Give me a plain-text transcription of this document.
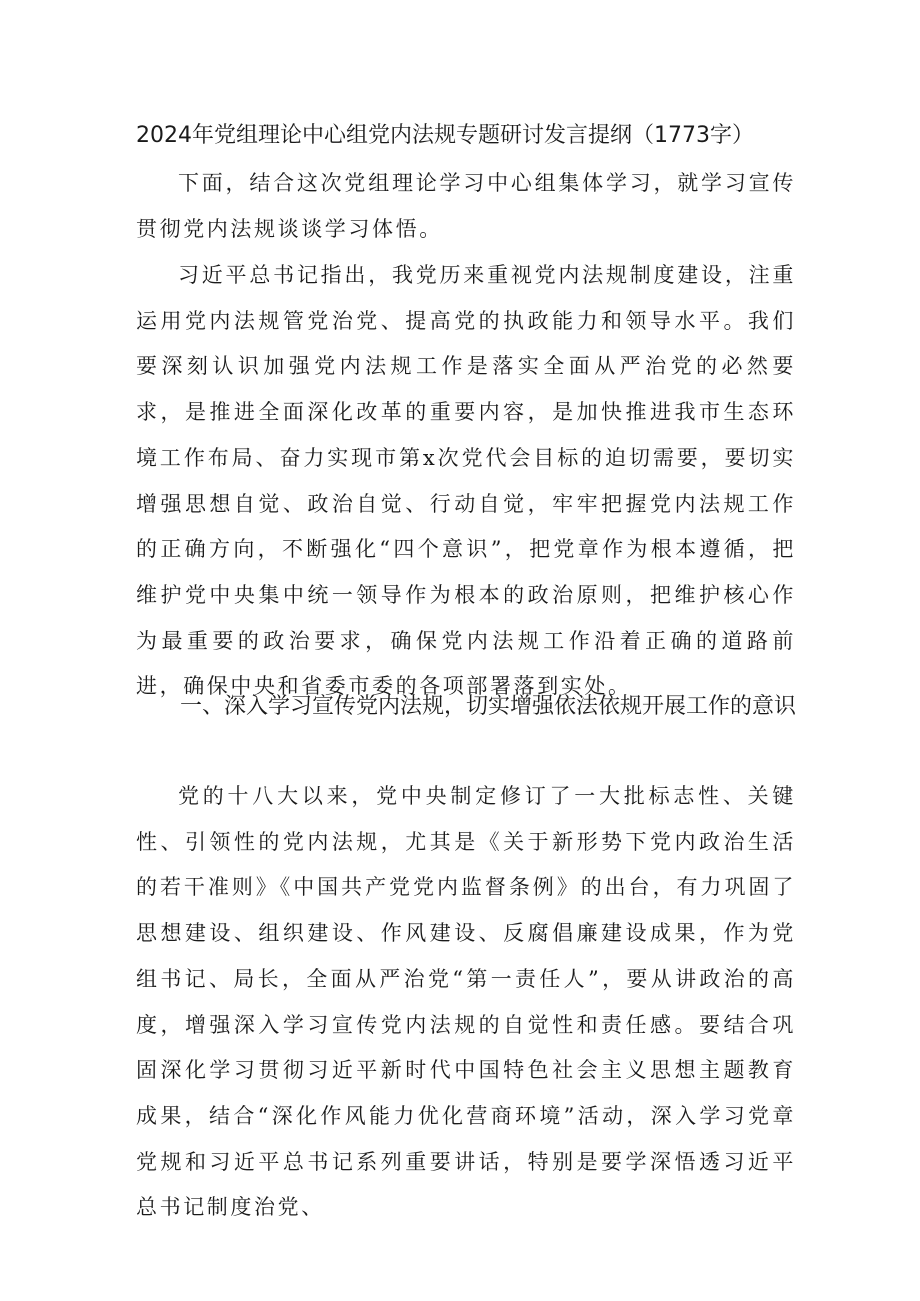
2024年党组理论中心组党内法规专题研讨发言提纲（1773字）

下面，结合这次党组理论学习中心组集体学习，就学习宣传贯彻党内法规谈谈学习体悟。

习近平总书记指出，我党历来重视党内法规制度建设，注重运用党内法规管党治党、提高党的执政能力和领导水平。我们要深刻认识加强党内法规工作是落实全面从严治党的必然要求，是推进全面深化改革的重要内容，是加快推进我市生态环境工作布局、奋力实现市第x次党代会目标的迫切需要，要切实增强思想自觉、政治自觉、行动自觉，牢牢把握党内法规工作的正确方向，不断强化“四个意识”，把党章作为根本遵循，把维护党中央集中统一领导作为根本的政治原则，把维护核心作为最重要的政治要求，确保党内法规工作沿着正确的道路前进，确保中央和省委市委的各项部署落到实处。

一、深入学习宣传党内法规，切实增强依法依规开展工作的意识

党的十八大以来，党中央制定修订了一大批标志性、关键性、引领性的党内法规，尤其是《关于新形势下党内政治生活的若干准则》《中国共产党党内监督条例》的出台，有力巩固了思想建设、组织建设、作风建设、反腐倡廉建设成果，作为党组书记、局长，全面从严治党“第一责任人”，要从讲政治的高度，增强深入学习宣传党内法规的自觉性和责任感。要结合巩固深化学习贯彻习近平新时代中国特色社会主义思想主题教育成果，结合“深化作风能力优化营商环境”活动，深入学习党章党规和习近平总书记系列重要讲话，特别是要学深悟透习近平总书记制度治党、
